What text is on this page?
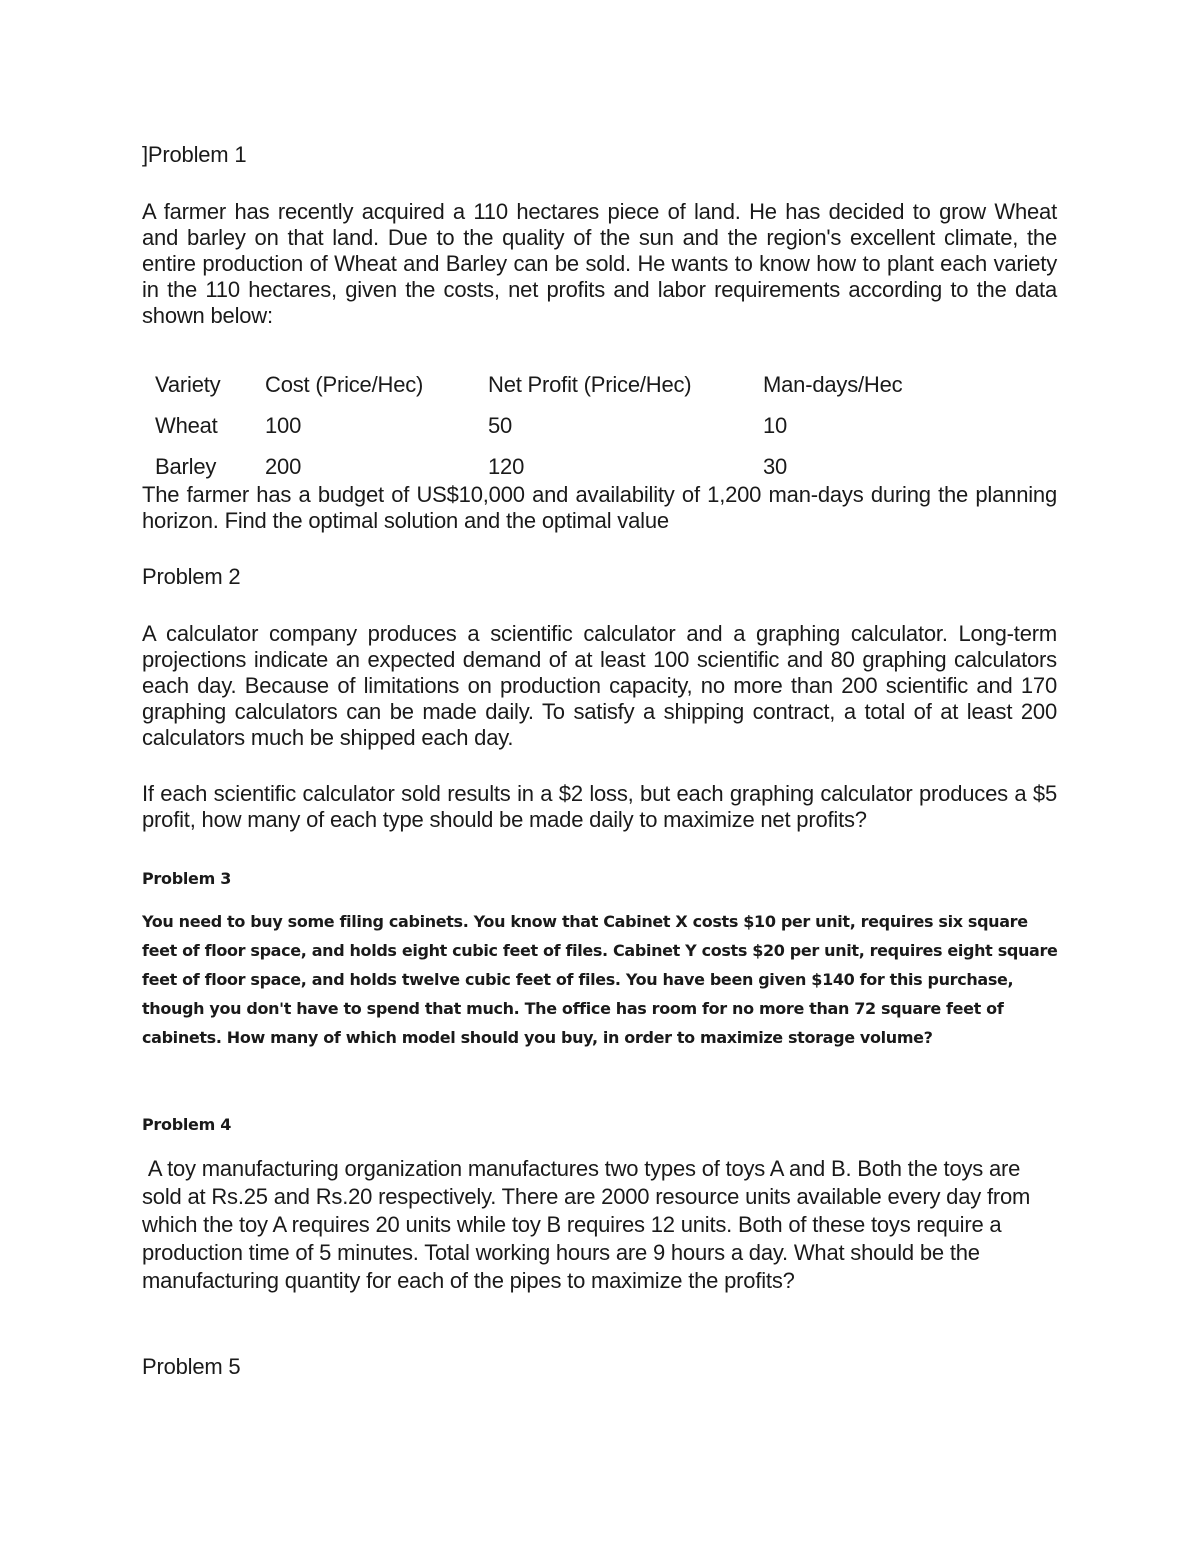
]Problem 1

A farmer has recently acquired a 110 hectares piece of land. He has decided to grow Wheat and barley on that land. Due to the quality of the sun and the region's excellent climate, the entire production of Wheat and Barley can be sold. He wants to know how to plant each variety in the 110 hectares, given the costs, net profits and labor requirements according to the data shown below:

Variety	Cost (Price/Hec)	Net Profit (Price/Hec)	Man-days/Hec
Wheat	100	50	10
Barley	200	120	30

The farmer has a budget of US$10,000 and availability of 1,200 man-days during the planning horizon. Find the optimal solution and the optimal value

Problem 2

A calculator company produces a scientific calculator and a graphing calculator. Long-term projections indicate an expected demand of at least 100 scientific and 80 graphing calculators each day. Because of limitations on production capacity, no more than 200 scientific and 170 graphing calculators can be made daily. To satisfy a shipping contract, a total of at least 200 calculators much be shipped each day.

If each scientific calculator sold results in a $2 loss, but each graphing calculator produces a $5 profit, how many of each type should be made daily to maximize net profits?

Problem 3

You need to buy some filing cabinets. You know that Cabinet X costs $10 per unit, requires six square feet of floor space, and holds eight cubic feet of files. Cabinet Y costs $20 per unit, requires eight square feet of floor space, and holds twelve cubic feet of files. You have been given $140 for this purchase, though you don't have to spend that much. The office has room for no more than 72 square feet of cabinets. How many of which model should you buy, in order to maximize storage volume?

Problem 4

A toy manufacturing organization manufactures two types of toys A and B. Both the toys are sold at Rs.25 and Rs.20 respectively. There are 2000 resource units available every day from which the toy A requires 20 units while toy B requires 12 units. Both of these toys require a production time of 5 minutes. Total working hours are 9 hours a day. What should be the manufacturing quantity for each of the pipes to maximize the profits?

Problem 5
